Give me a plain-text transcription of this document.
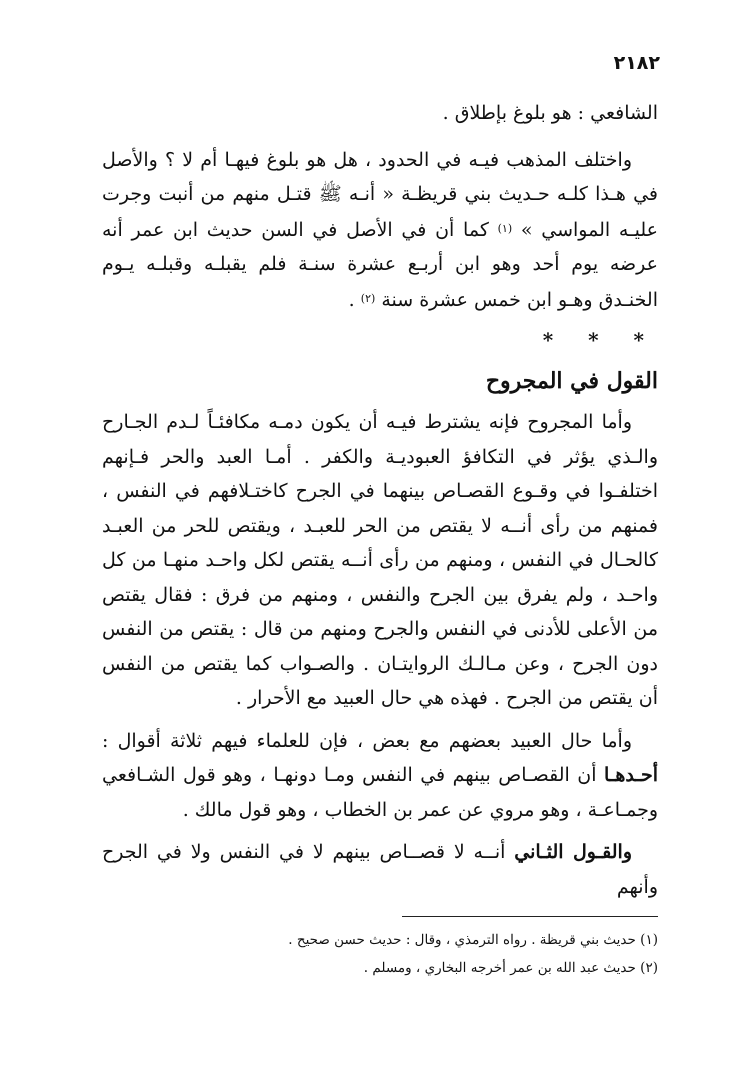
٢١٨٢

الشافعي : هو بلوغ بإطلاق .

واختلف المذهب فيـه في الحدود ، هل هو بلوغ فيهـا أم لا ؟ والأصل في هـذا كلـه حـديث بني قريظـة « أنـه ﷺ قتـل منهم من أنبت وجرت عليـه المواسي » $^{(١)}$ كما أن في الأصل في السن حديث ابن عمر أنه عرضه يوم أحد وهو ابن أربـع عشرة سنـة فلم يقبلـه وقبلـه يـوم الخنـدق وهـو ابن خمس عشرة سنة $^{(٢)}$ .

* * *
القول في المجروح

وأما المجروح فإنه يشترط فيـه أن يكون دمـه مكافئـاً لـدم الجـارح والـذي يؤثر في التكافؤ العبوديـة والكفر . أمـا العبد والحر فـإنهم اختلفـوا في وقـوع القصـاص بينهما في الجرح كاختـلافهم في النفس ، فمنهم من رأى أنــه لا يقتص من الحر للعبـد ، ويقتص للحر من العبـد كالحـال في النفس ، ومنهم من رأى أنــه يقتص لكل واحـد منهـا من كل واحـد ، ولم يفرق بين الجرح والنفس ، ومنهم من فرق : فقال يقتص من الأعلى للأدنى في النفس والجرح ومنهم من قال : يقتص من النفس دون الجرح ، وعن مـالـك الروايتـان . والصـواب كما يقتص من النفس أن يقتص من الجرح . فهذه هي حال العبيد مع الأحرار .

وأما حال العبيد بعضهم مع بعض ، فإن للعلماء فيهم ثلاثة أقوال : أحـدهـا أن القصـاص بينهم في النفس ومـا دونهـا ، وهو قول الشـافعي وجمـاعـة ، وهو مروي عن عمر بن الخطاب ، وهو قول مالك .

والقـول الثـاني أنــه لا قصــاص بينهم لا في النفس ولا في الجرح وأنهم

(١) حديث بني قريظة . رواه الترمذي ، وقال : حديث حسن صحيح .

(٢) حديث عبد الله بن عمر أخرجه البخاري ، ومسلم .
